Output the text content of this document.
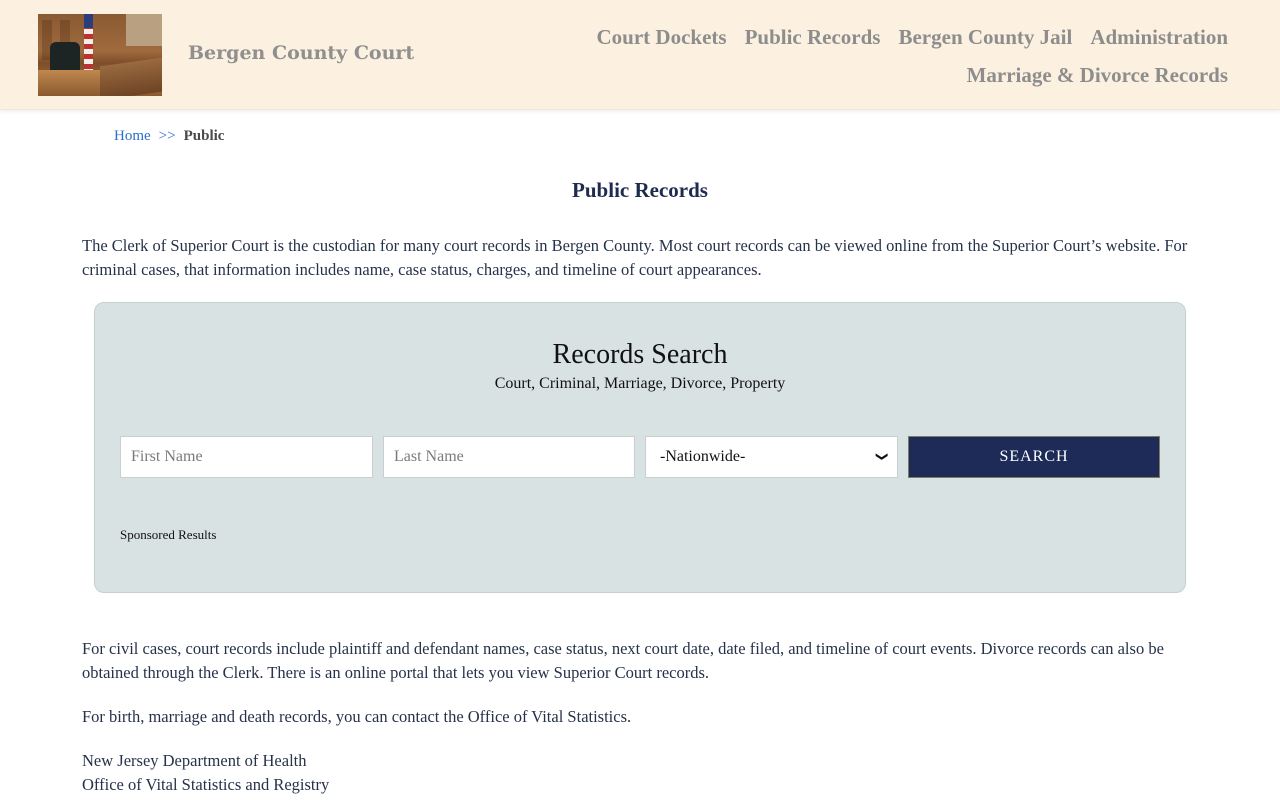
Bergen County Court
Court Dockets Public Records Bergen County Jail Administration
Marriage & Divorce Records
Home >> Public
Public Records

The Clerk of Superior Court is the custodian for many court records in Bergen County. Most court records can be viewed online from the Superior Court’s website. For criminal cases, that information includes name, case status, charges, and timeline of court appearances.

Records Search
Court, Criminal, Marriage, Divorce, Property
First Name
Last Name
-Nationwide-	❯	SEARCH
Sponsored Results

For civil cases, court records include plaintiff and defendant names, case status, next court date, date filed, and timeline of court events. Divorce records can also be obtained through the Clerk. There is an online portal that lets you view Superior Court records.

For birth, marriage and death records, you can contact the Office of Vital Statistics.

New Jersey Department of Health
Office of Vital Statistics and Registry
